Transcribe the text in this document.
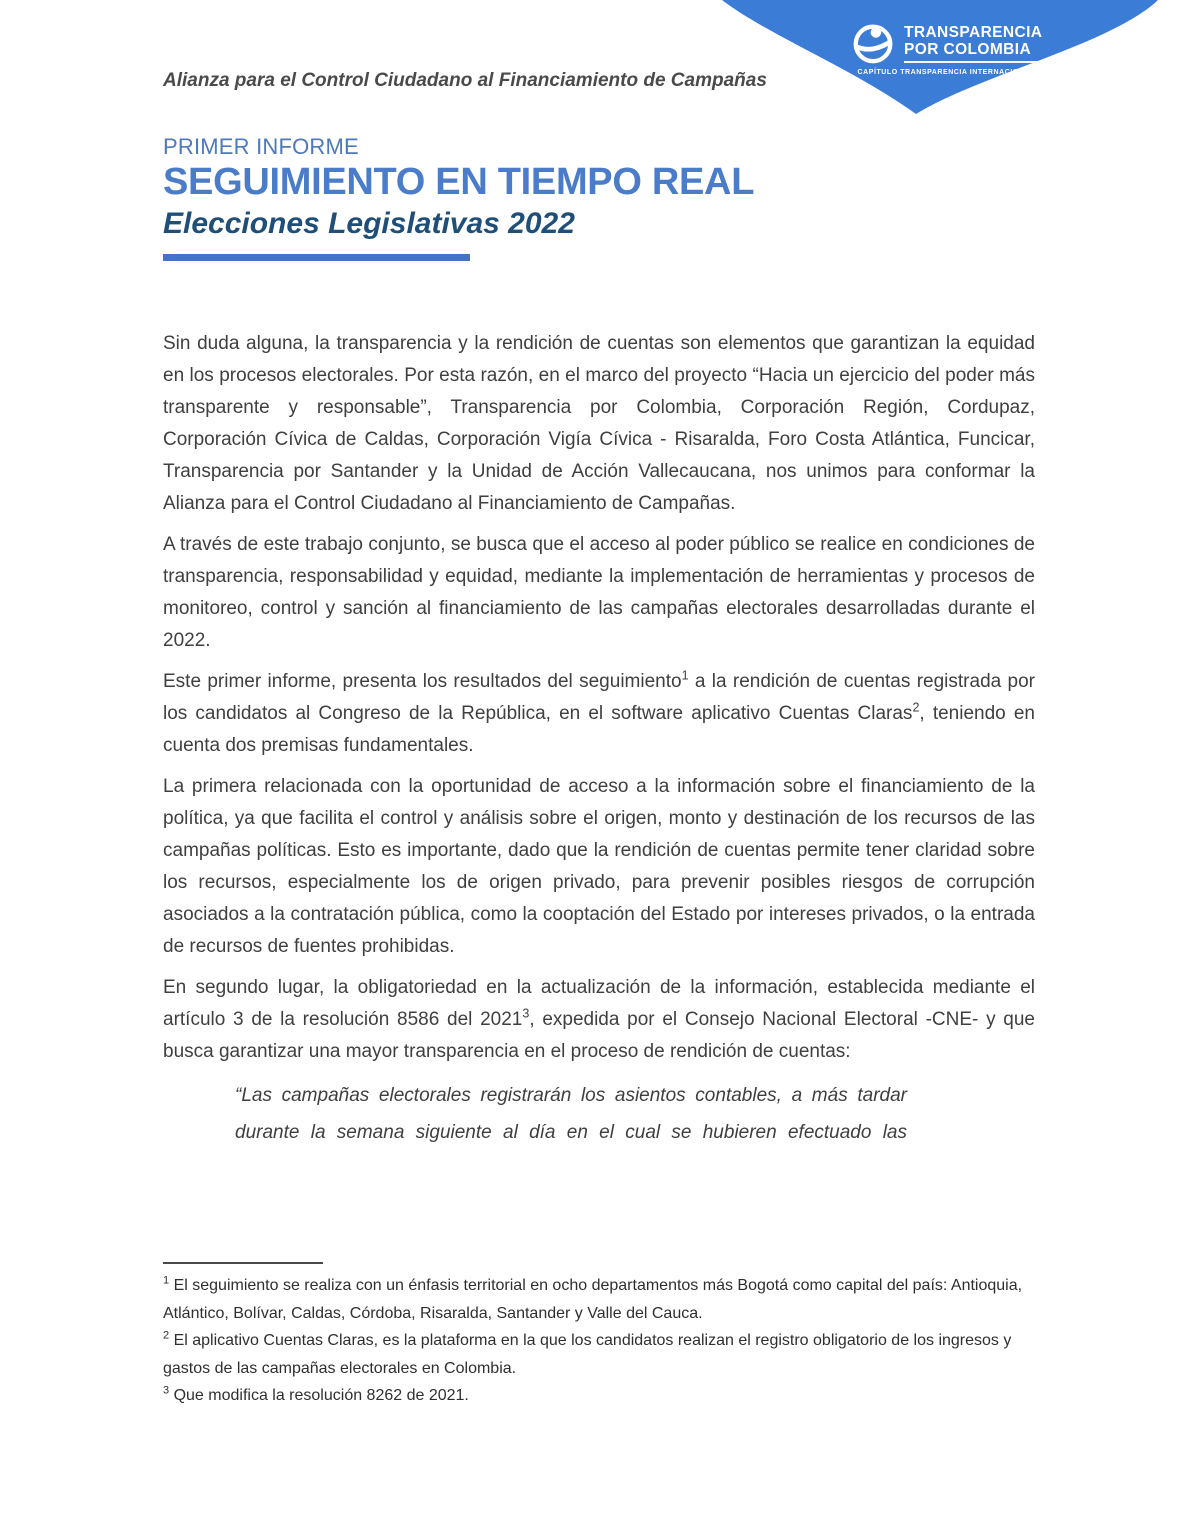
TRANSPARENCIA
POR COLOMBIA
CAPÍTULO TRANSPARENCIA INTERNACIONAL
Alianza para el Control Ciudadano al Financiamiento de Campañas
PRIMER INFORME
SEGUIMIENTO EN TIEMPO REAL
Elecciones Legislativas 2022

Sin duda alguna, la transparencia y la rendición de cuentas son elementos que garantizan la equidad en los procesos electorales. Por esta razón, en el marco del proyecto “Hacia un ejercicio del poder más transparente y responsable”, Transparencia por Colombia, Corporación Región, Cordupaz, Corporación Cívica de Caldas, Corporación Vigía Cívica - Risaralda, Foro Costa Atlántica, Funcicar, Transparencia por Santander y la Unidad de Acción Vallecaucana, nos unimos para conformar la Alianza para el Control Ciudadano al Financiamiento de Campañas.

A través de este trabajo conjunto, se busca que el acceso al poder público se realice en condiciones de transparencia, responsabilidad y equidad, mediante la implementación de herramientas y procesos de monitoreo, control y sanción al financiamiento de las campañas electorales desarrolladas durante el 2022.

Este primer informe, presenta los resultados del seguimiento$^1$ a la rendición de cuentas registrada por los candidatos al Congreso de la República, en el software aplicativo Cuentas Claras$^2$, teniendo en cuenta dos premisas fundamentales.

La primera relacionada con la oportunidad de acceso a la información sobre el financiamiento de la política, ya que facilita el control y análisis sobre el origen, monto y destinación de los recursos de las campañas políticas. Esto es importante, dado que la rendición de cuentas permite tener claridad sobre los recursos, especialmente los de origen privado, para prevenir posibles riesgos de corrupción asociados a la contratación pública, como la cooptación del Estado por intereses privados, o la entrada de recursos de fuentes prohibidas.

En segundo lugar, la obligatoriedad en la actualización de la información, establecida mediante el artículo 3 de la resolución 8586 del 2021$^3$, expedida por el Consejo Nacional Electoral -CNE- y que busca garantizar una mayor transparencia en el proceso de rendición de cuentas:

“Las campañas electorales registrarán los asientos contables, a más tardar durante la semana siguiente al día en el cual se hubieren efectuado las

$^1$ El seguimiento se realiza con un énfasis territorial en ocho departamentos más Bogotá como capital del país: Antioquia, Atlántico, Bolívar, Caldas, Córdoba, Risaralda, Santander y Valle del Cauca.

$^2$ El aplicativo Cuentas Claras, es la plataforma en la que los candidatos realizan el registro obligatorio de los ingresos y gastos de las campañas electorales en Colombia.

$^3$ Que modifica la resolución 8262 de 2021.
